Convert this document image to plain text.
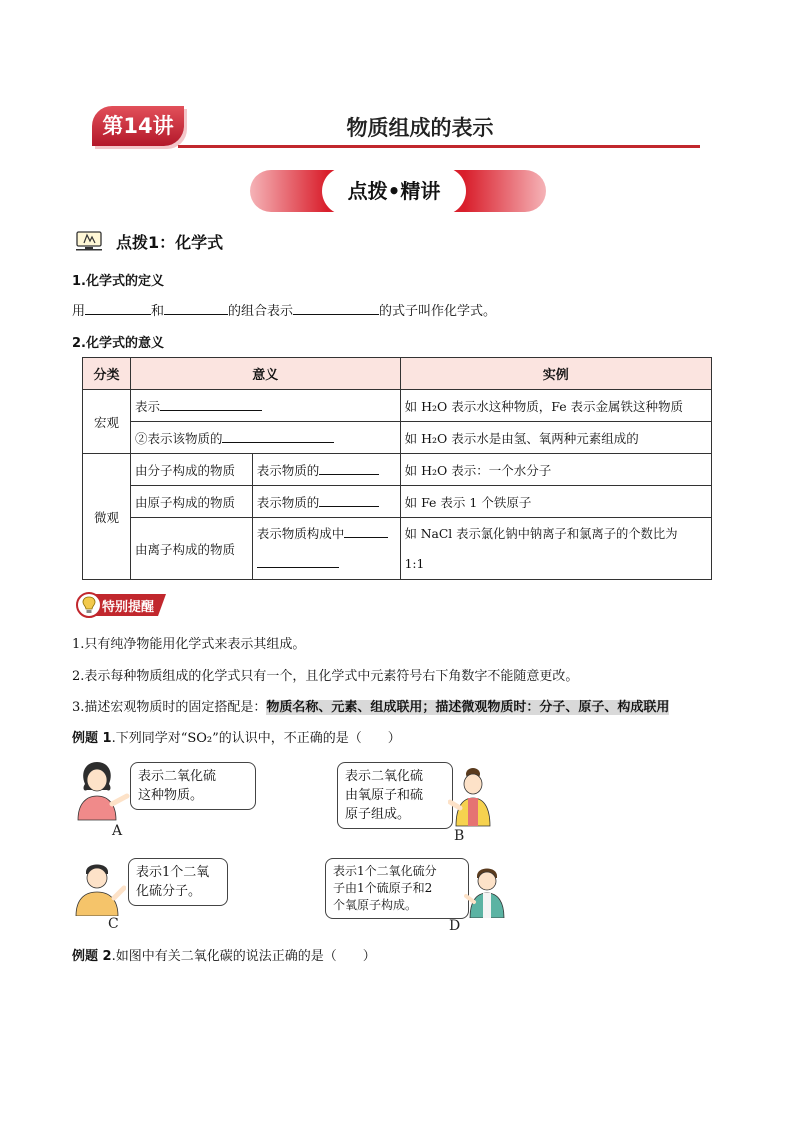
第14讲	物质组成的表示
点拨•精讲
点拨1：化学式
1.化学式的定义
用	和	的组合表示	的式子叫作化学式。
2.化学式的意义
分类	意义		实例
宏观	表示		如 H₂O 表示水这种物质，Fe 表示金属铁这种物质
	②表示该物质的		如 H₂O 表示水是由氢、氧两种元素组成的
微观	由分子构成的物质	表示物质的	如 H₂O 表示：一个水分子
	由原子构成的物质	表示物质的	如 Fe 表示 1 个铁原子
	由离子构成的物质	表示物质构成中	如 NaCl 表示氯化钠中钠离子和氯离子的个数比为
1:1
特别提醒
1.只有纯净物能用化学式来表示其组成。
2.表示每种物质组成的化学式只有一个，且化学式中元素符号右下角数字不能随意更改。
3.描述宏观物质时的固定搭配是：物质名称、元素、组成联用；描述微观物质时：分子、原子、构成联用
例题 1.下列同学对“SO₂”的认识中，不正确的是（　　）
表示二氧化硫
这种物质。
A
表示二氧化硫
由氧原子和硫
原子组成。
B
表示1个二氧
化硫分子。
C
表示1个二氧化硫分
子由1个硫原子和2
个氧原子构成。
D
例题 2.如图中有关二氧化碳的说法正确的是（　　）
